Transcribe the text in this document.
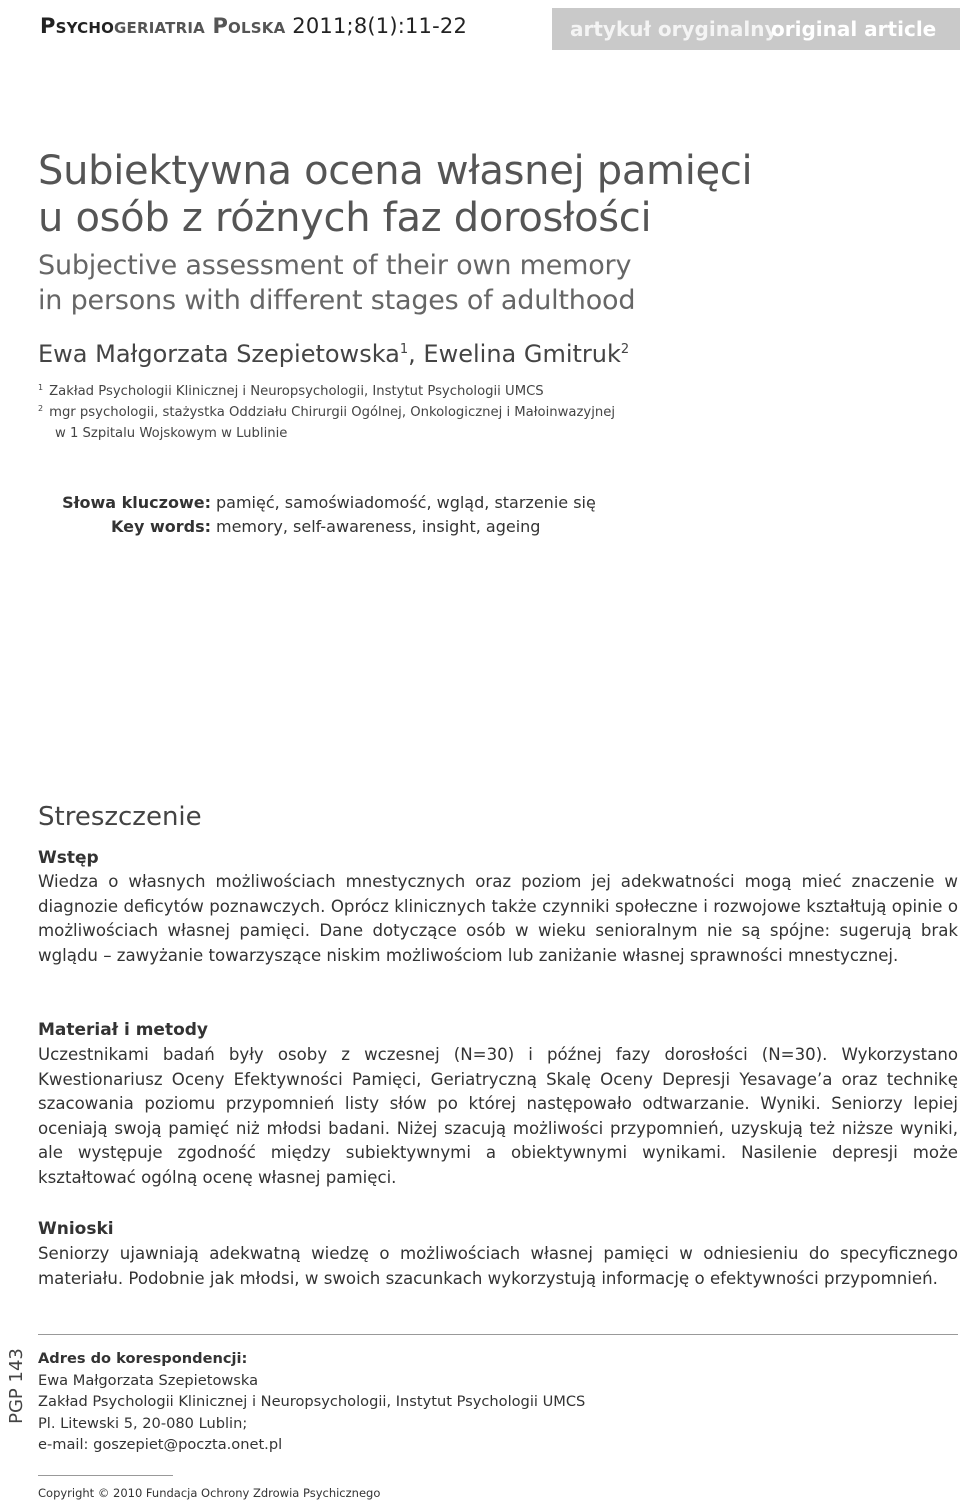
Psychogeriatria Polska 2011;8(1):11-22	artykuł oryginalny
original article
Subiektywna ocena własnej pamięci
u osób z różnych faz dorosłości
Subjective assessment of their own memory
in persons with different stages of adulthood
Ewa Małgorzata Szepietowska$^1$, Ewelina Gmitruk$^2$
$^1$ Zakład Psychologii Klinicznej i Neuropsychologii, Instytut Psychologii UMCS
$^2$ mgr psychologii, stażystka Oddziału Chirurgii Ogólnej, Onkologicznej i Małoinwazyjnej
w 1 Szpitalu Wojskowym w Lublinie
Słowa kluczowe: pamięć, samoświadomość, wgląd, starzenie się
Key words: memory, self-awareness, insight, ageing
Streszczenie
Wstęp
Wiedza o własnych możliwościach mnestycznych oraz poziom jej adekwatności mogą mieć znaczenie w diagnozie deficytów poznawczych. Oprócz klinicznych także czynniki społeczne i rozwojowe kształtują opinie o możliwościach własnej pamięci. Dane dotyczące osób w wieku senioralnym nie są spójne: sugerują brak wglądu – zawyżanie towarzyszące niskim możliwościom lub zaniżanie własnej sprawności mnestycznej.
Materiał i metody
Uczestnikami badań były osoby z wczesnej (N=30) i późnej fazy dorosłości (N=30). Wykorzystano Kwestionariusz Oceny Efektywności Pamięci, Geriatryczną Skalę Oceny Depresji Yesavage’a oraz technikę szacowania poziomu przypomnień listy słów po której następowało odtwarzanie. Wyniki. Seniorzy lepiej oceniają swoją pamięć niż młodsi badani. Niżej szacują możliwości przypomnień, uzyskują też niższe wyniki, ale występuje zgodność między subiektywnymi a obiektywnymi wynikami. Nasilenie depresji może kształtować ogólną ocenę własnej pamięci.
Wnioski
Seniorzy ujawniają adekwatną wiedzę o możliwościach własnej pamięci w odniesieniu do specyficznego materiału. Podobnie jak młodsi, w swoich szacunkach wykorzystują informację o efektywności przypomnień.
PGP 143 Adres do korespondencji:
Ewa Małgorzata Szepietowska
Zakład Psychologii Klinicznej i Neuropsychologii, Instytut Psychologii UMCS
Pl. Litewski 5, 20-080 Lublin;
e-mail: goszepiet@poczta.onet.pl
Copyright © 2010 Fundacja Ochrony Zdrowia Psychicznego
